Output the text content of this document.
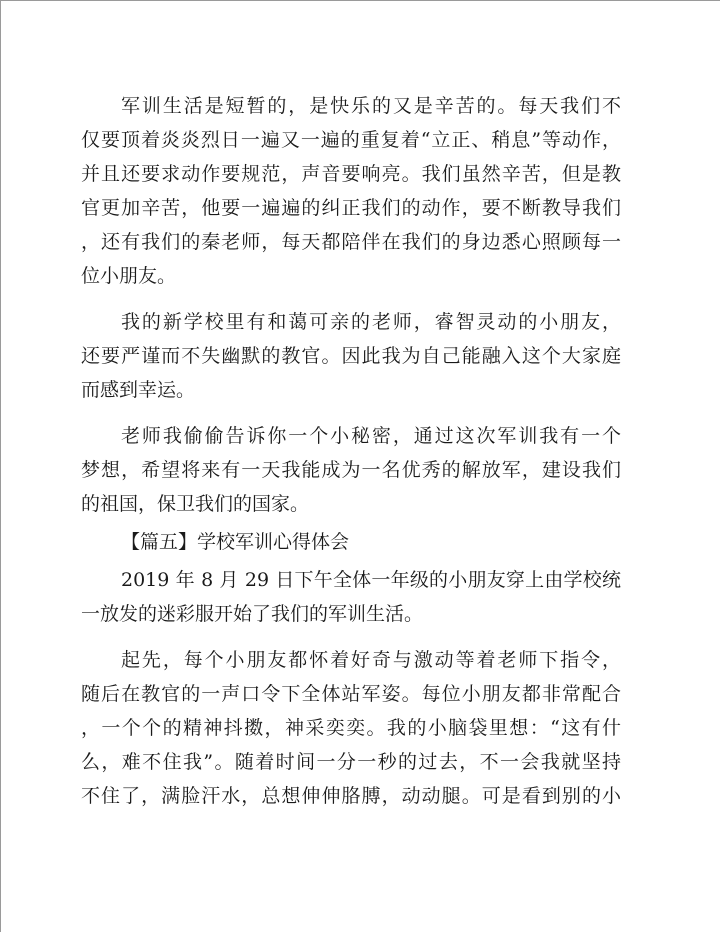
军训生活是短暂的，是快乐的又是辛苦的。每天我们不
仅要顶着炎炎烈日一遍又一遍的重复着“立正、稍息”等动作，
并且还要求动作要规范，声音要响亮。我们虽然辛苦，但是教
官更加辛苦，他要一遍遍的纠正我们的动作，要不断教导我们
，还有我们的秦老师，每天都陪伴在我们的身边悉心照顾每一
位小朋友。
我的新学校里有和蔼可亲的老师，睿智灵动的小朋友，
还要严谨而不失幽默的教官。因此我为自己能融入这个大家庭
而感到幸运。
老师我偷偷告诉你一个小秘密，通过这次军训我有一个
梦想，希望将来有一天我能成为一名优秀的解放军，建设我们
的祖国，保卫我们的国家。
【篇五】学校军训心得体会
2019 年 8 月 29 日下午全体一年级的小朋友穿上由学校统
一放发的迷彩服开始了我们的军训生活。
起先，每个小朋友都怀着好奇与激动等着老师下指令，
随后在教官的一声口令下全体站军姿。每位小朋友都非常配合
，一个个的精神抖擞，神采奕奕。我的小脑袋里想：“这有什
么，难不住我”。随着时间一分一秒的过去，不一会我就坚持
不住了，满脸汗水，总想伸伸胳膊，动动腿。可是看到别的小
